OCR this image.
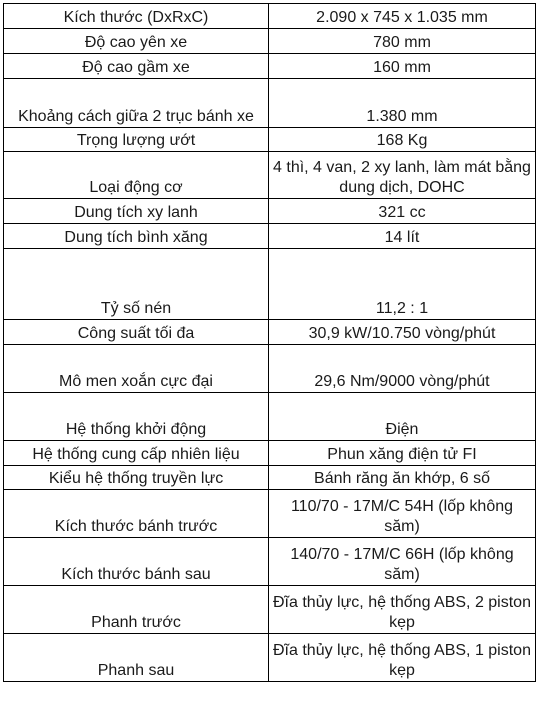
Kích thước (DxRxC)	2.090 x 745 x 1.035 mm
Độ cao yên xe	780 mm
Độ cao gầm xe	160 mm
Khoảng cách giữa 2 trục bánh xe	1.380 mm
Trọng lượng ướt	168 Kg
Loại động cơ	4 thì, 4 van, 2 xy lanh, làm mát bằng dung dịch, DOHC
Dung tích xy lanh	321 cc
Dung tích bình xăng	14 lít
Tỷ số nén	11,2 : 1
Công suất tối đa	30,9 kW/10.750 vòng/phút
Mô men xoắn cực đại	29,6 Nm/9000 vòng/phút
Hệ thống khởi động	Điện
Hệ thống cung cấp nhiên liệu	Phun xăng điện tử FI
Kiểu hệ thống truyền lực	Bánh răng ăn khớp, 6 số
Kích thước bánh trước	110/70 - 17M/C 54H (lốp không săm)
Kích thước bánh sau	140/70 - 17M/C 66H (lốp không săm)
Phanh trước	Đĩa thủy lực, hệ thống ABS, 2 piston kẹp
Phanh sau	Đĩa thủy lực, hệ thống ABS, 1 piston kẹp
